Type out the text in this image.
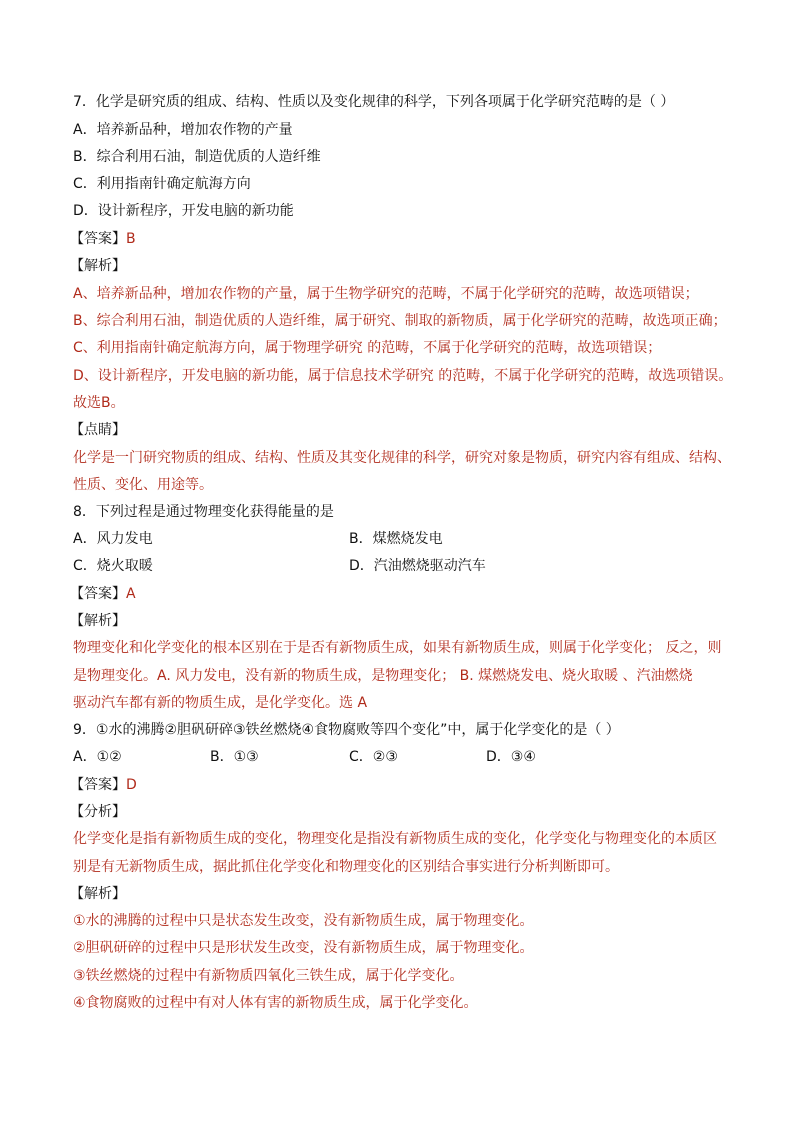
7．化学是研究质的组成、结构、性质以及变化规律的科学，下列各项属于化学研究范畴的是（ ）
A．培养新品种，增加农作物的产量
B．综合利用石油，制造优质的人造纤维
C．利用指南针确定航海方向
D．设计新程序，开发电脑的新功能
【答案】B
【解析】
A、培养新品种，增加农作物的产量，属于生物学研究的范畴，不属于化学研究的范畴，故选项错误；
B、综合利用石油，制造优质的人造纤维，属于研究、制取的新物质，属于化学研究的范畴，故选项正确；
C、利用指南针确定航海方向，属于物理学研究 的范畴，不属于化学研究的范畴，故选项错误；
D、设计新程序，开发电脑的新功能，属于信息技术学研究 的范畴，不属于化学研究的范畴，故选项错误。
故选B。
【点睛】
化学是一门研究物质的组成、结构、性质及其变化规律的科学，研究对象是物质，研究内容有组成、结构、
性质、变化、用途等。
8．下列过程是通过物理变化获得能量的是
A．风力发电	B．煤燃烧发电
C．烧火取暖	D．汽油燃烧驱动汽车
【答案】A
【解析】
物理变化和化学变化的根本区别在于是否有新物质生成，如果有新物质生成，则属于化学变化； 反之，则
是物理变化。A. 风力发电，没有新的物质生成，是物理变化； B. 煤燃烧发电、烧火取暖 、汽油燃烧
驱动汽车都有新的物质生成，是化学变化。选 A
9．①水的沸腾②胆矾研碎③铁丝燃烧④食物腐败等四个变化”中，属于化学变化的是（ ）
A．①②	B．①③	C．②③	D．③④
【答案】D
【分析】
化学变化是指有新物质生成的变化，物理变化是指没有新物质生成的变化，化学变化与物理变化的本质区
别是有无新物质生成，据此抓住化学变化和物理变化的区别结合事实进行分析判断即可。
【解析】
①水的沸腾的过程中只是状态发生改变，没有新物质生成，属于物理变化。
②胆矾研碎的过程中只是形状发生改变，没有新物质生成，属于物理变化。
③铁丝燃烧的过程中有新物质四氧化三铁生成，属于化学变化。
④食物腐败的过程中有对人体有害的新物质生成，属于化学变化。
